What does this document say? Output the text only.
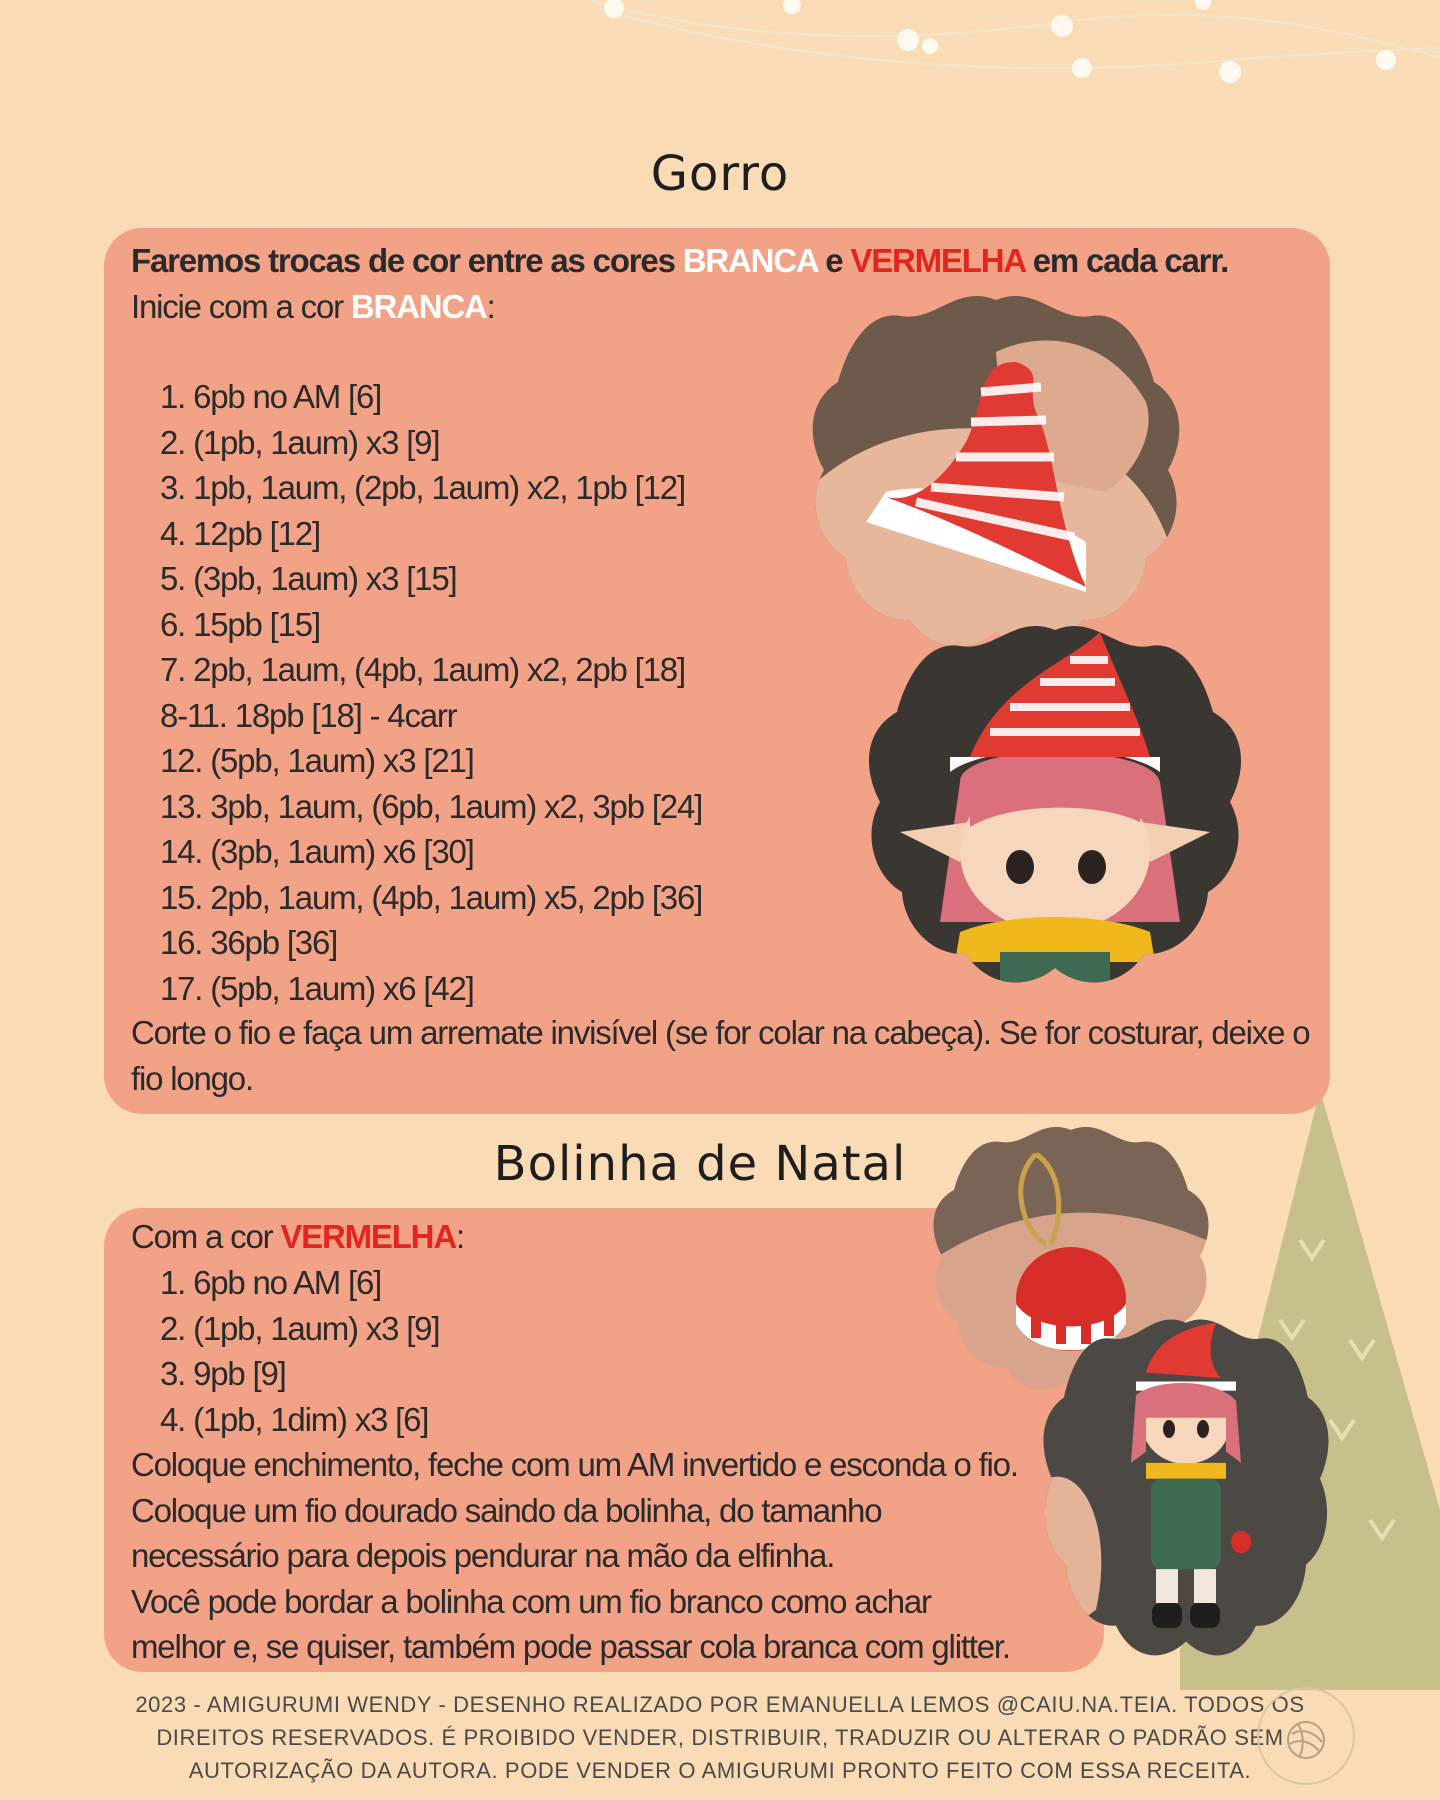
Gorro
Faremos trocas de cor entre as cores BRANCA e VERMELHA em cada carr.
Inicie com a cor BRANCA:
1. 6pb no AM [6]
2. (1pb, 1aum) x3 [9]
3. 1pb, 1aum, (2pb, 1aum) x2, 1pb [12]
4. 12pb [12]
5. (3pb, 1aum) x3 [15]
6. 15pb [15]
7. 2pb, 1aum, (4pb, 1aum) x2, 2pb [18]
8-11. 18pb [18] - 4carr
12. (5pb, 1aum) x3 [21]
13. 3pb, 1aum, (6pb, 1aum) x2, 3pb [24]
14. (3pb, 1aum) x6 [30]
15. 2pb, 1aum, (4pb, 1aum) x5, 2pb [36]
16. 36pb [36]
17. (5pb, 1aum) x6 [42]
Corte o fio e faça um arremate invisível (se for colar na cabeça). Se for costurar, deixe o
fio longo.
Bolinha de Natal
Com a cor VERMELHA:
1. 6pb no AM [6]
2. (1pb, 1aum) x3 [9]
3. 9pb [9]
4. (1pb, 1dim) x3 [6]
Coloque enchimento, feche com um AM invertido e esconda o fio.
Coloque um fio dourado saindo da bolinha, do tamanho
necessário para depois pendurar na mão da elfinha.
Você pode bordar a bolinha com um fio branco como achar
melhor e, se quiser, também pode passar cola branca com glitter.
2023 - AMIGURUMI WENDY - DESENHO REALIZADO POR EMANUELLA LEMOS @CAIU.NA.TEIA. TODOS OS
DIREITOS RESERVADOS. É PROIBIDO VENDER, DISTRIBUIR, TRADUZIR OU ALTERAR O PADRÃO SEM
AUTORIZAÇÃO DA AUTORA. PODE VENDER O AMIGURUMI PRONTO FEITO COM ESSA RECEITA.
